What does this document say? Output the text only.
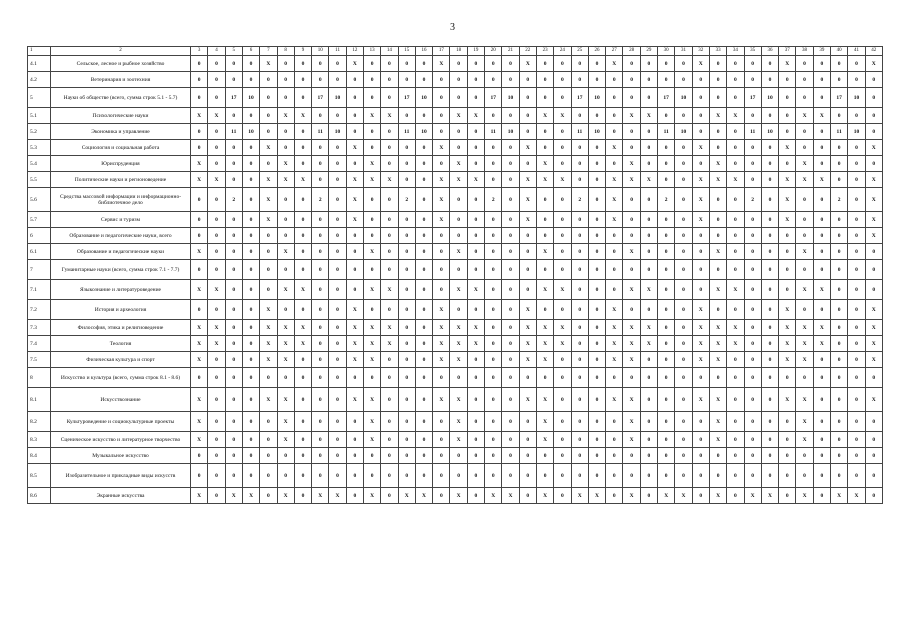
3
1	2	3	4	5	6	7	8	9	10	11	12	13	14	15	16	17	18	19	20	21	22	23	24	25	26	27	28	29	30	31	32	33	34	35	36	37	38	39	40	41	42
4.1	Сельское, лесное и рыбное хозяйство	0	0	0	0	X	0	0	0	0	X	0	0	0	0	X	0	0	0	0	X	0	0	0	0	X	0	0	0	0	X	0	0	0	0	X	0	0	0	0	X
4.2	Ветеринария и зоотехния	0	0	0	0	0	0	0	0	0	0	0	0	0	0	0	0	0	0	0	0	0	0	0	0	0	0	0	0	0	0	0	0	0	0	0	0	0	0	0	0
5	Науки об обществе (всего, сумма строк 5.1 - 5.7)	0	0	17	10	0	0	0	17	10	0	0	0	17	10	0	0	0	17	10	0	0	0	17	10	0	0	0	17	10	0	0	0	17	10	0	0	0	17	10	0
5.1	Психологические науки	X	X	0	0	0	X	X	0	0	0	X	X	0	0	0	X	X	0	0	0	X	X	0	0	0	X	X	0	0	0	X	X	0	0	0	X	X	0	0	0
5.2	Экономика и управление	0	0	11	10	0	0	0	11	10	0	0	0	11	10	0	0	0	11	10	0	0	0	11	10	0	0	0	11	10	0	0	0	11	10	0	0	0	11	10	0
5.3	Социология и социальная работа	0	0	0	0	X	0	0	0	0	X	0	0	0	0	X	0	0	0	0	X	0	0	0	0	X	0	0	0	0	X	0	0	0	0	X	0	0	0	0	X
5.4	Юриспруденция	X	0	0	0	0	X	0	0	0	0	X	0	0	0	0	X	0	0	0	0	X	0	0	0	0	X	0	0	0	0	X	0	0	0	0	X	0	0	0	0
5.5	Политические науки и регионоведение	X	X	0	0	X	X	X	0	0	X	X	X	0	0	X	X	X	0	0	X	X	X	0	0	X	X	X	0	0	X	X	X	0	0	X	X	X	0	0	X
5.6	Средства массовой информации и информационно-библиотечное дело	0	0	2	0	X	0	0	2	0	X	0	0	2	0	X	0	0	2	0	X	0	0	2	0	X	0	0	2	0	X	0	0	2	0	X	0	0	2	0	X
5.7	Сервис и туризм	0	0	0	0	X	0	0	0	0	X	0	0	0	0	X	0	0	0	0	X	0	0	0	0	X	0	0	0	0	X	0	0	0	0	X	0	0	0	0	X
6	Образование и педагогические науки, всего	0	0	0	0	0	0	0	0	0	0	0	0	0	0	0	0	0	0	0	0	0	0	0	0	0	0	0	0	0	0	0	0	0	0	0	0	0	0	0	X
6.1	Образование и педагогические науки	X	0	0	0	0	X	0	0	0	0	X	0	0	0	0	X	0	0	0	0	X	0	0	0	0	X	0	0	0	0	X	0	0	0	0	X	0	0	0	0
7	Гуманитарные науки (всего, сумма строк 7.1 - 7.7)	0	0	0	0	0	0	0	0	0	0	0	0	0	0	0	0	0	0	0	0	0	0	0	0	0	0	0	0	0	0	0	0	0	0	0	0	0	0	0	0
7.1	Языкознание и литературоведение	X	X	0	0	0	X	X	0	0	0	X	X	0	0	0	X	X	0	0	0	X	X	0	0	0	X	X	0	0	0	X	X	0	0	0	X	X	0	0	0
7.2	История и археология	0	0	0	0	X	0	0	0	0	X	0	0	0	0	X	0	0	0	0	X	0	0	0	0	X	0	0	0	0	X	0	0	0	0	X	0	0	0	0	X
7.3	Философия, этика и религиоведение	X	X	0	0	X	X	X	0	0	X	X	X	0	0	X	X	X	0	0	X	X	X	0	0	X	X	X	0	0	X	X	X	0	0	X	X	X	0	0	X
7.4	Теология	X	X	0	0	X	X	X	0	0	X	X	X	0	0	X	X	X	0	0	X	X	X	0	0	X	X	X	0	0	X	X	X	0	0	X	X	X	0	0	X
7.5	Физическая культура и спорт	X	0	0	0	X	X	0	0	0	X	X	0	0	0	X	X	0	0	0	X	X	0	0	0	X	X	0	0	0	X	X	0	0	0	X	X	0	0	0	X
8	Искусство и культура (всего, сумма строк 8.1 - 8.6)	0	0	0	0	0	0	0	0	0	0	0	0	0	0	0	0	0	0	0	0	0	0	0	0	0	0	0	0	0	0	0	0	0	0	0	0	0	0	0	0
8.1	Искусствознание	X	0	0	0	X	X	0	0	0	X	X	0	0	0	X	X	0	0	0	X	X	0	0	0	X	X	0	0	0	X	X	0	0	0	X	X	0	0	0	X
8.2	Культуроведение и социокультурные проекты	X	0	0	0	0	X	0	0	0	0	X	0	0	0	0	X	0	0	0	0	X	0	0	0	0	X	0	0	0	0	X	0	0	0	0	X	0	0	0	0
8.3	Сценическое искусство и литературное творчество	X	0	0	0	0	X	0	0	0	0	X	0	0	0	0	X	0	0	0	0	X	0	0	0	0	X	0	0	0	0	X	0	0	0	0	X	0	0	0	0
8.4	Музыкальное искусство	0	0	0	0	0	0	0	0	0	0	0	0	0	0	0	0	0	0	0	0	0	0	0	0	0	0	0	0	0	0	0	0	0	0	0	0	0	0	0	0
8.5	Изобразительное и прикладные виды искусств	0	0	0	0	0	0	0	0	0	0	0	0	0	0	0	0	0	0	0	0	0	0	0	0	0	0	0	0	0	0	0	0	0	0	0	0	0	0	0	0
8.6	Экранные искусства	X	0	X	X	0	X	0	X	X	0	X	0	X	X	0	X	0	X	X	0	X	0	X	X	0	X	0	X	X	0	X	0	X	X	0	X	0	X	X	0
